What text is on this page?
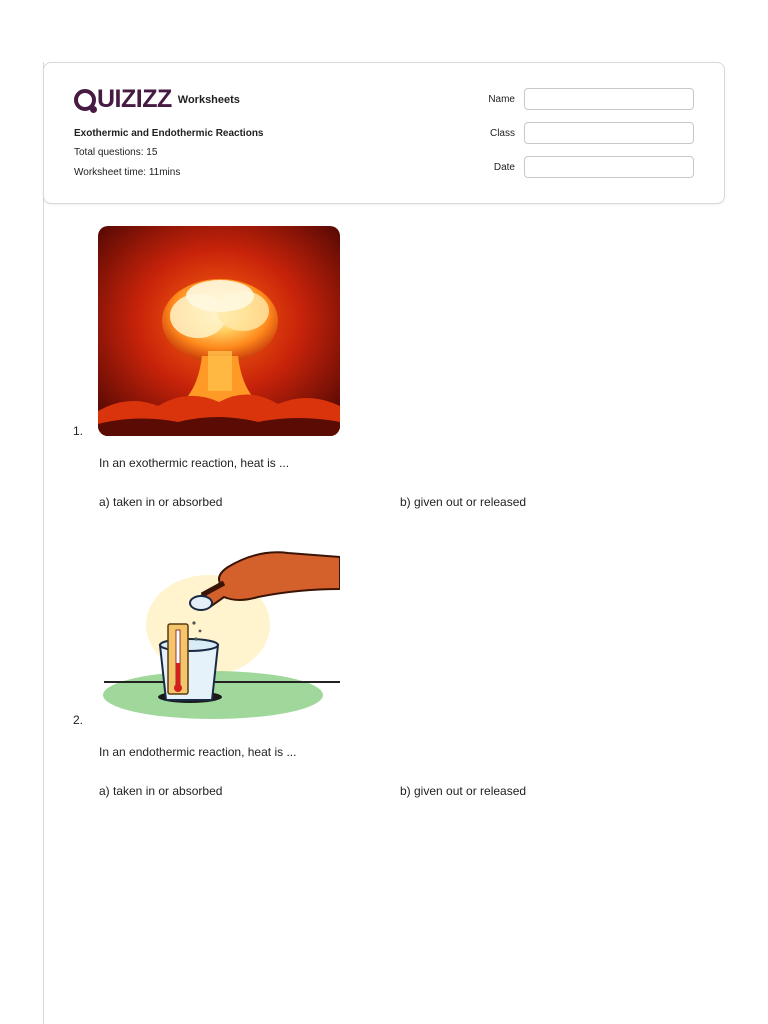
UIZIZZ Worksheets
Exothermic and Endothermic Reactions
Total questions: 15
Worksheet time: 11mins
Name
Class
Date
1.
In an exothermic reaction, heat is ...
a) taken in or absorbed	b) given out or released
2.
In an endothermic reaction, heat is ...
a) taken in or absorbed	b) given out or released
